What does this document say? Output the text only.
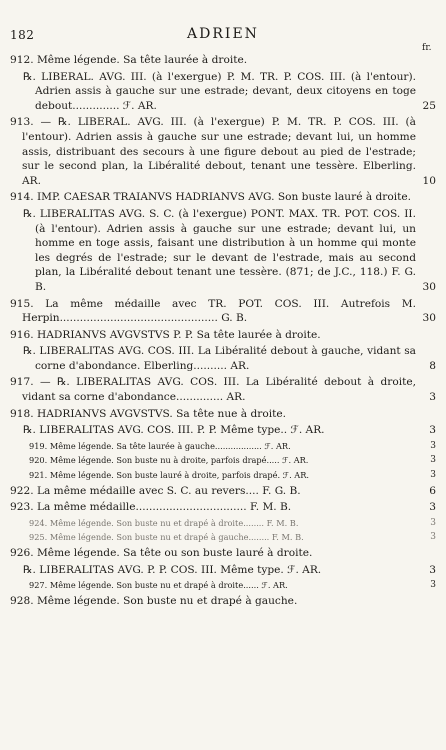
182	ADRIEN
fr.
912. Même légende. Sa tête laurée à droite.
℞. LIBERAL. AVG. III. (à l'exergue) P. M. TR. P. COS. III. (à l'entour). Adrien assis à gauche sur une estrade; devant, deux citoyens en toge debout.............. ℱ. AR.	25
913. — ℞. LIBERAL. AVG. III. (à l'exergue) P. M. TR. P. COS. III. (à l'entour). Adrien assis à gauche sur une estrade; devant lui, un homme assis, distribuant des secours à une figure debout au pied de l'estrade; sur le second plan, la Libéralité debout, tenant une tessère. Elberling. AR.	10
914. IMP. CAESAR TRAIANVS HADRIANVS AVG. Son buste lauré à droite.
℞. LIBERALITAS AVG. S. C. (à l'exergue) PONT. MAX. TR. POT. COS. II. (à l'entour). Adrien assis à gauche sur une estrade; devant lui, un homme en toge assis, faisant une distribution à un homme qui monte les degrés de l'estrade; sur le devant de l'estrade, mais au second plan, la Libéralité debout tenant une tessère. (871; de J.C., 118.) F. G. B.	30
915. La même médaille avec TR. POT. COS. III. Autrefois M. Herpin............................................... G. B.	30
916. HADRIANVS AVGVSTVS P. P. Sa tête laurée à droite.
℞. LIBERALITAS AVG. COS. III. La Libéralité debout à gauche, vidant sa corne d'abondance. Elberling.......... AR.	8
917. — ℞. LIBERALITAS AVG. COS. III. La Libéralité debout à droite, vidant sa corne d'abondance.............. AR.	3
918. HADRIANVS AVGVSTVS. Sa tête nue à droite.
℞. LIBERALITAS AVG. COS. III. P. P. Même type.. ℱ. AR.	3
919. Même légende. Sa tête laurée à gauche.................. ℱ. AR.	3
920. Même légende. Son buste nu à droite, parfois drapé..... ℱ. AR.	3
921. Même légende. Son buste lauré à droite, parfois drapé. ℱ. AR.	3
922. La même médaille avec S. C. au revers.... F. G. B.	6
923. La même médaille................................. F. M. B.	3
924. Même légende. Son buste nu et drapé à droite........ F. M. B.	3
925. Même légende. Son buste nu et drapé à gauche........ F. M. B.	3
926. Même légende. Sa tête ou son buste lauré à droite.
℞. LIBERALITAS AVG. P. P. COS. III. Même type. ℱ. AR.	3
927. Même légende. Son buste nu et drapé à droite...... ℱ. AR.	3
928. Même légende. Son buste nu et drapé à gauche.
